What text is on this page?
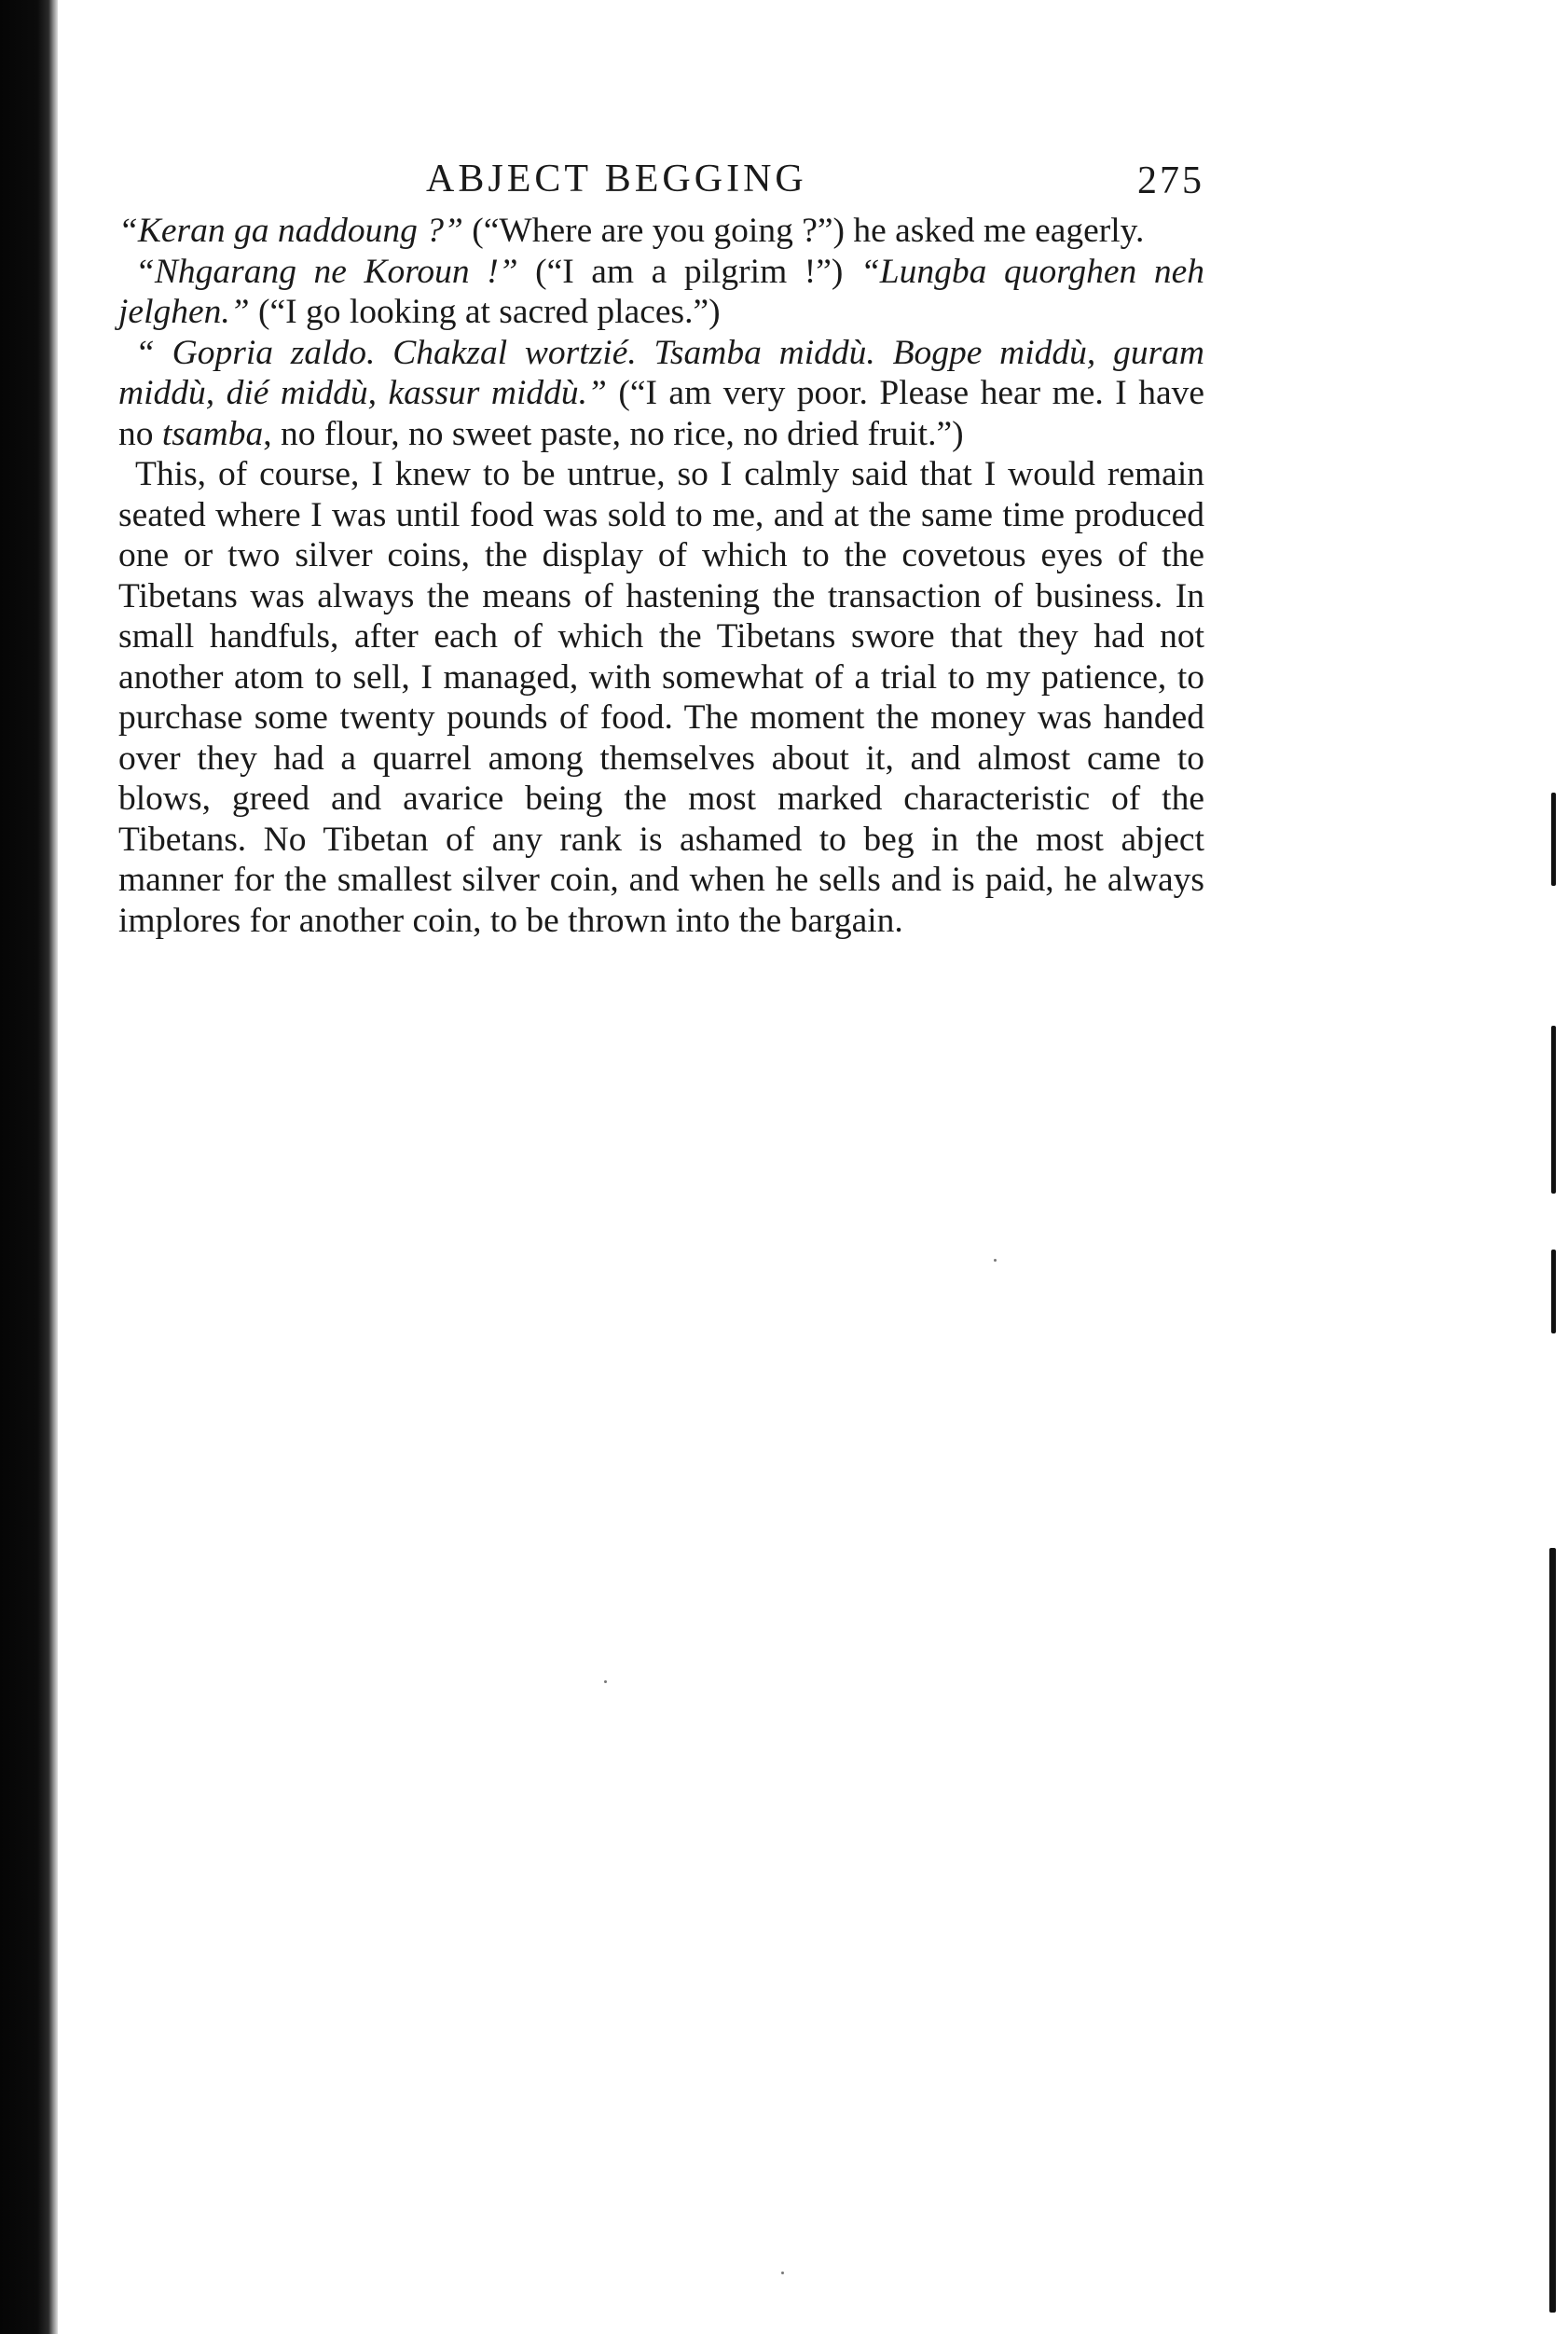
ABJECT BEGGING	275

“Keran ga naddoung ?” (“Where are you going ?”) he asked me eagerly.

“Nhgarang ne Koroun !” (“I am a pilgrim !”) “Lungba quorghen neh jelghen.” (“I go looking at sacred places.”)

“ Gopria zaldo. Chakzal wortzié. Tsamba middù. Bogpe middù, guram middù, dié middù, kassur middù.” (“I am very poor. Please hear me. I have no tsamba, no flour, no sweet paste, no rice, no dried fruit.”)

This, of course, I knew to be untrue, so I calmly said that I would remain seated where I was until food was sold to me, and at the same time produced one or two silver coins, the display of which to the covetous eyes of the Tibetans was always the means of hastening the transaction of business. In small handfuls, after each of which the Tibetans swore that they had not another atom to sell, I managed, with somewhat of a trial to my patience, to purchase some twenty pounds of food. The moment the money was handed over they had a quarrel among themselves about it, and almost came to blows, greed and avarice being the most marked characteristic of the Tibetans. No Tibetan of any rank is ashamed to beg in the most abject manner for the smallest silver coin, and when he sells and is paid, he always implores for another coin, to be thrown into the bargain.
